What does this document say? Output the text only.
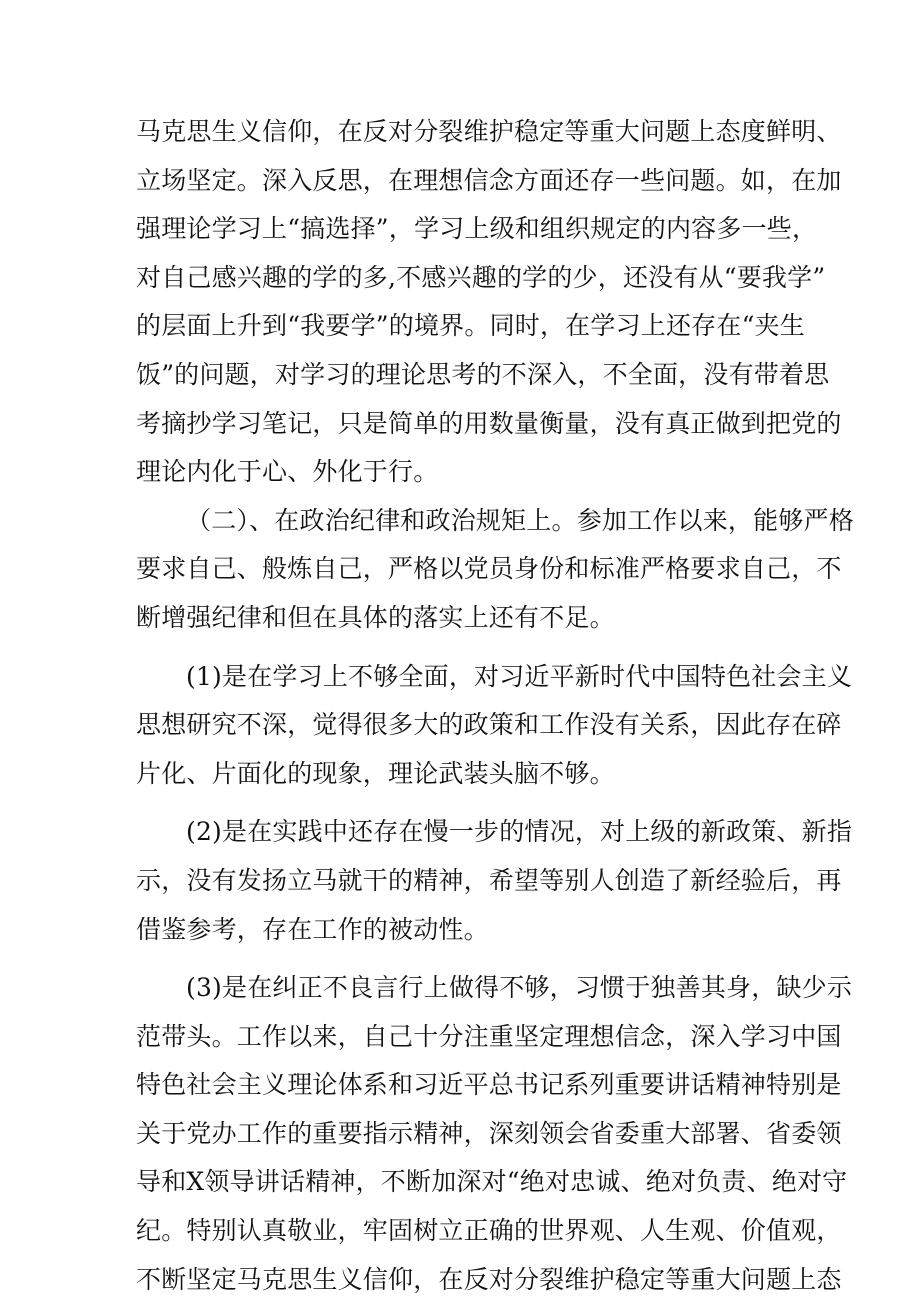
马克思生义信仰，在反对分裂维护稳定等重大问题上态度鲜明、
立场坚定。深入反思，在理想信念方面还存一些问题。如，在加
强理论学习上“搞选择”，学习上级和组织规定的内容多一些，
对自己感兴趣的学的多,不感兴趣的学的少，还没有从“要我学”
的层面上升到“我要学”的境界。同时，在学习上还存在“夹生
饭”的问题，对学习的理论思考的不深入，不全面，没有带着思
考摘抄学习笔记，只是简单的用数量衡量，没有真正做到把党的
理论内化于心、外化于行。
（二）、在政治纪律和政治规矩上。参加工作以来，能够严格
要求自己、般炼自己，严格以党员身份和标准严格要求自己，不
断增强纪律和但在具体的落实上还有不足。
(1)是在学习上不够全面，对习近平新时代中国特色社会主义
思想研究不深，觉得很多大的政策和工作没有关系，因此存在碎
片化、片面化的现象，理论武装头脑不够。
(2)是在实践中还存在慢一步的情况，对上级的新政策、新指
示，没有发扬立马就干的精神，希望等别人创造了新经验后，再
借鉴参考，存在工作的被动性。
(3)是在纠正不良言行上做得不够，习惯于独善其身，缺少示
范带头。工作以来，自己十分注重坚定理想信念，深入学习中国
特色社会主义理论体系和习近平总书记系列重要讲话精神特别是
关于党办工作的重要指示精神，深刻领会省委重大部署、省委领
导和X领导讲话精神，不断加深对“绝对忠诚、绝对负责、绝对守
纪。特别认真敬业，牢固树立正确的世界观、人生观、价值观，
不断坚定马克思生义信仰，在反对分裂维护稳定等重大问题上态
